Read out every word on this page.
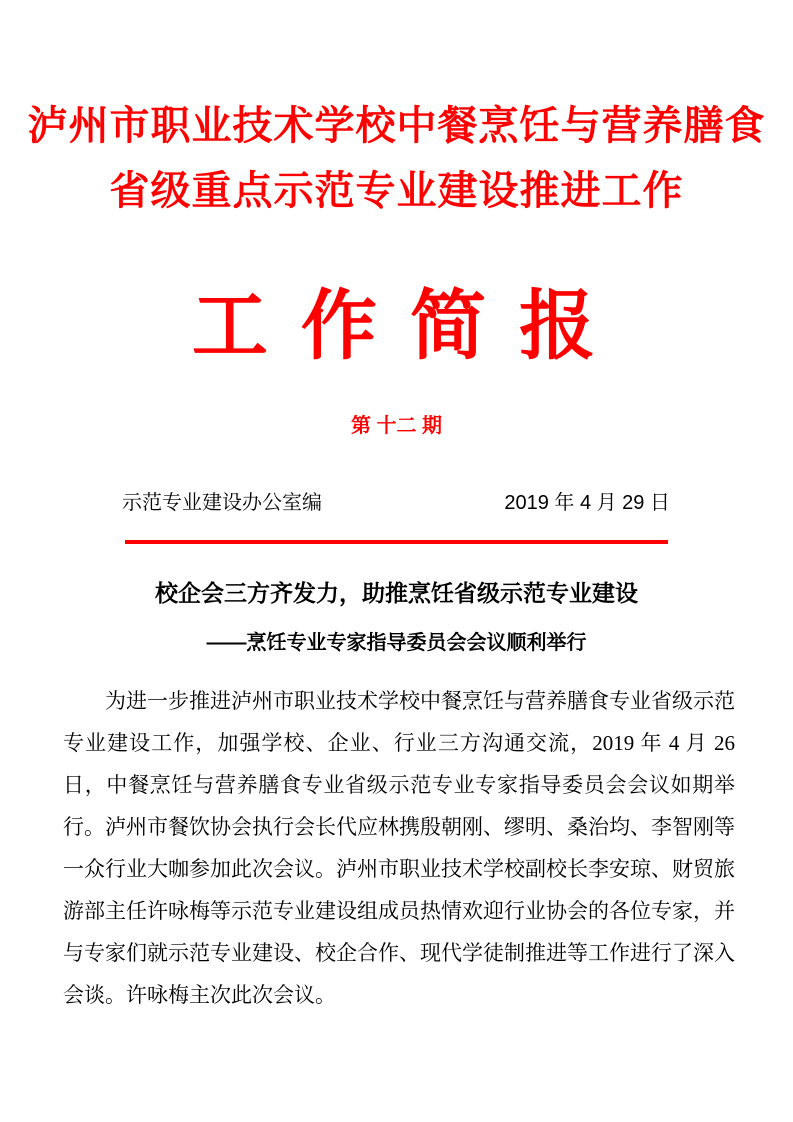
泸州市职业技术学校中餐烹饪与营养膳食
省级重点示范专业建设推进工作
工 作 简 报
第 十二 期
示范专业建设办公室编	2019 年 4 月 29 日
校企会三方齐发力，助推烹饪省级示范专业建设
——烹饪专业专家指导委员会会议顺利举行
为进一步推进泸州市职业技术学校中餐烹饪与营养膳食专业省级示范专业建设工作，加强学校、企业、行业三方沟通交流，2019 年 4 月 26 日，中餐烹饪与营养膳食专业省级示范专业专家指导委员会会议如期举行。泸州市餐饮协会执行会长代应林携殷朝刚、缪明、桑治均、李智刚等一众行业大咖参加此次会议。泸州市职业技术学校副校长李安琼、财贸旅游部主任许咏梅等示范专业建设组成员热情欢迎行业协会的各位专家，并与专家们就示范专业建设、校企合作、现代学徒制推进等工作进行了深入会谈。许咏梅主次此次会议。
